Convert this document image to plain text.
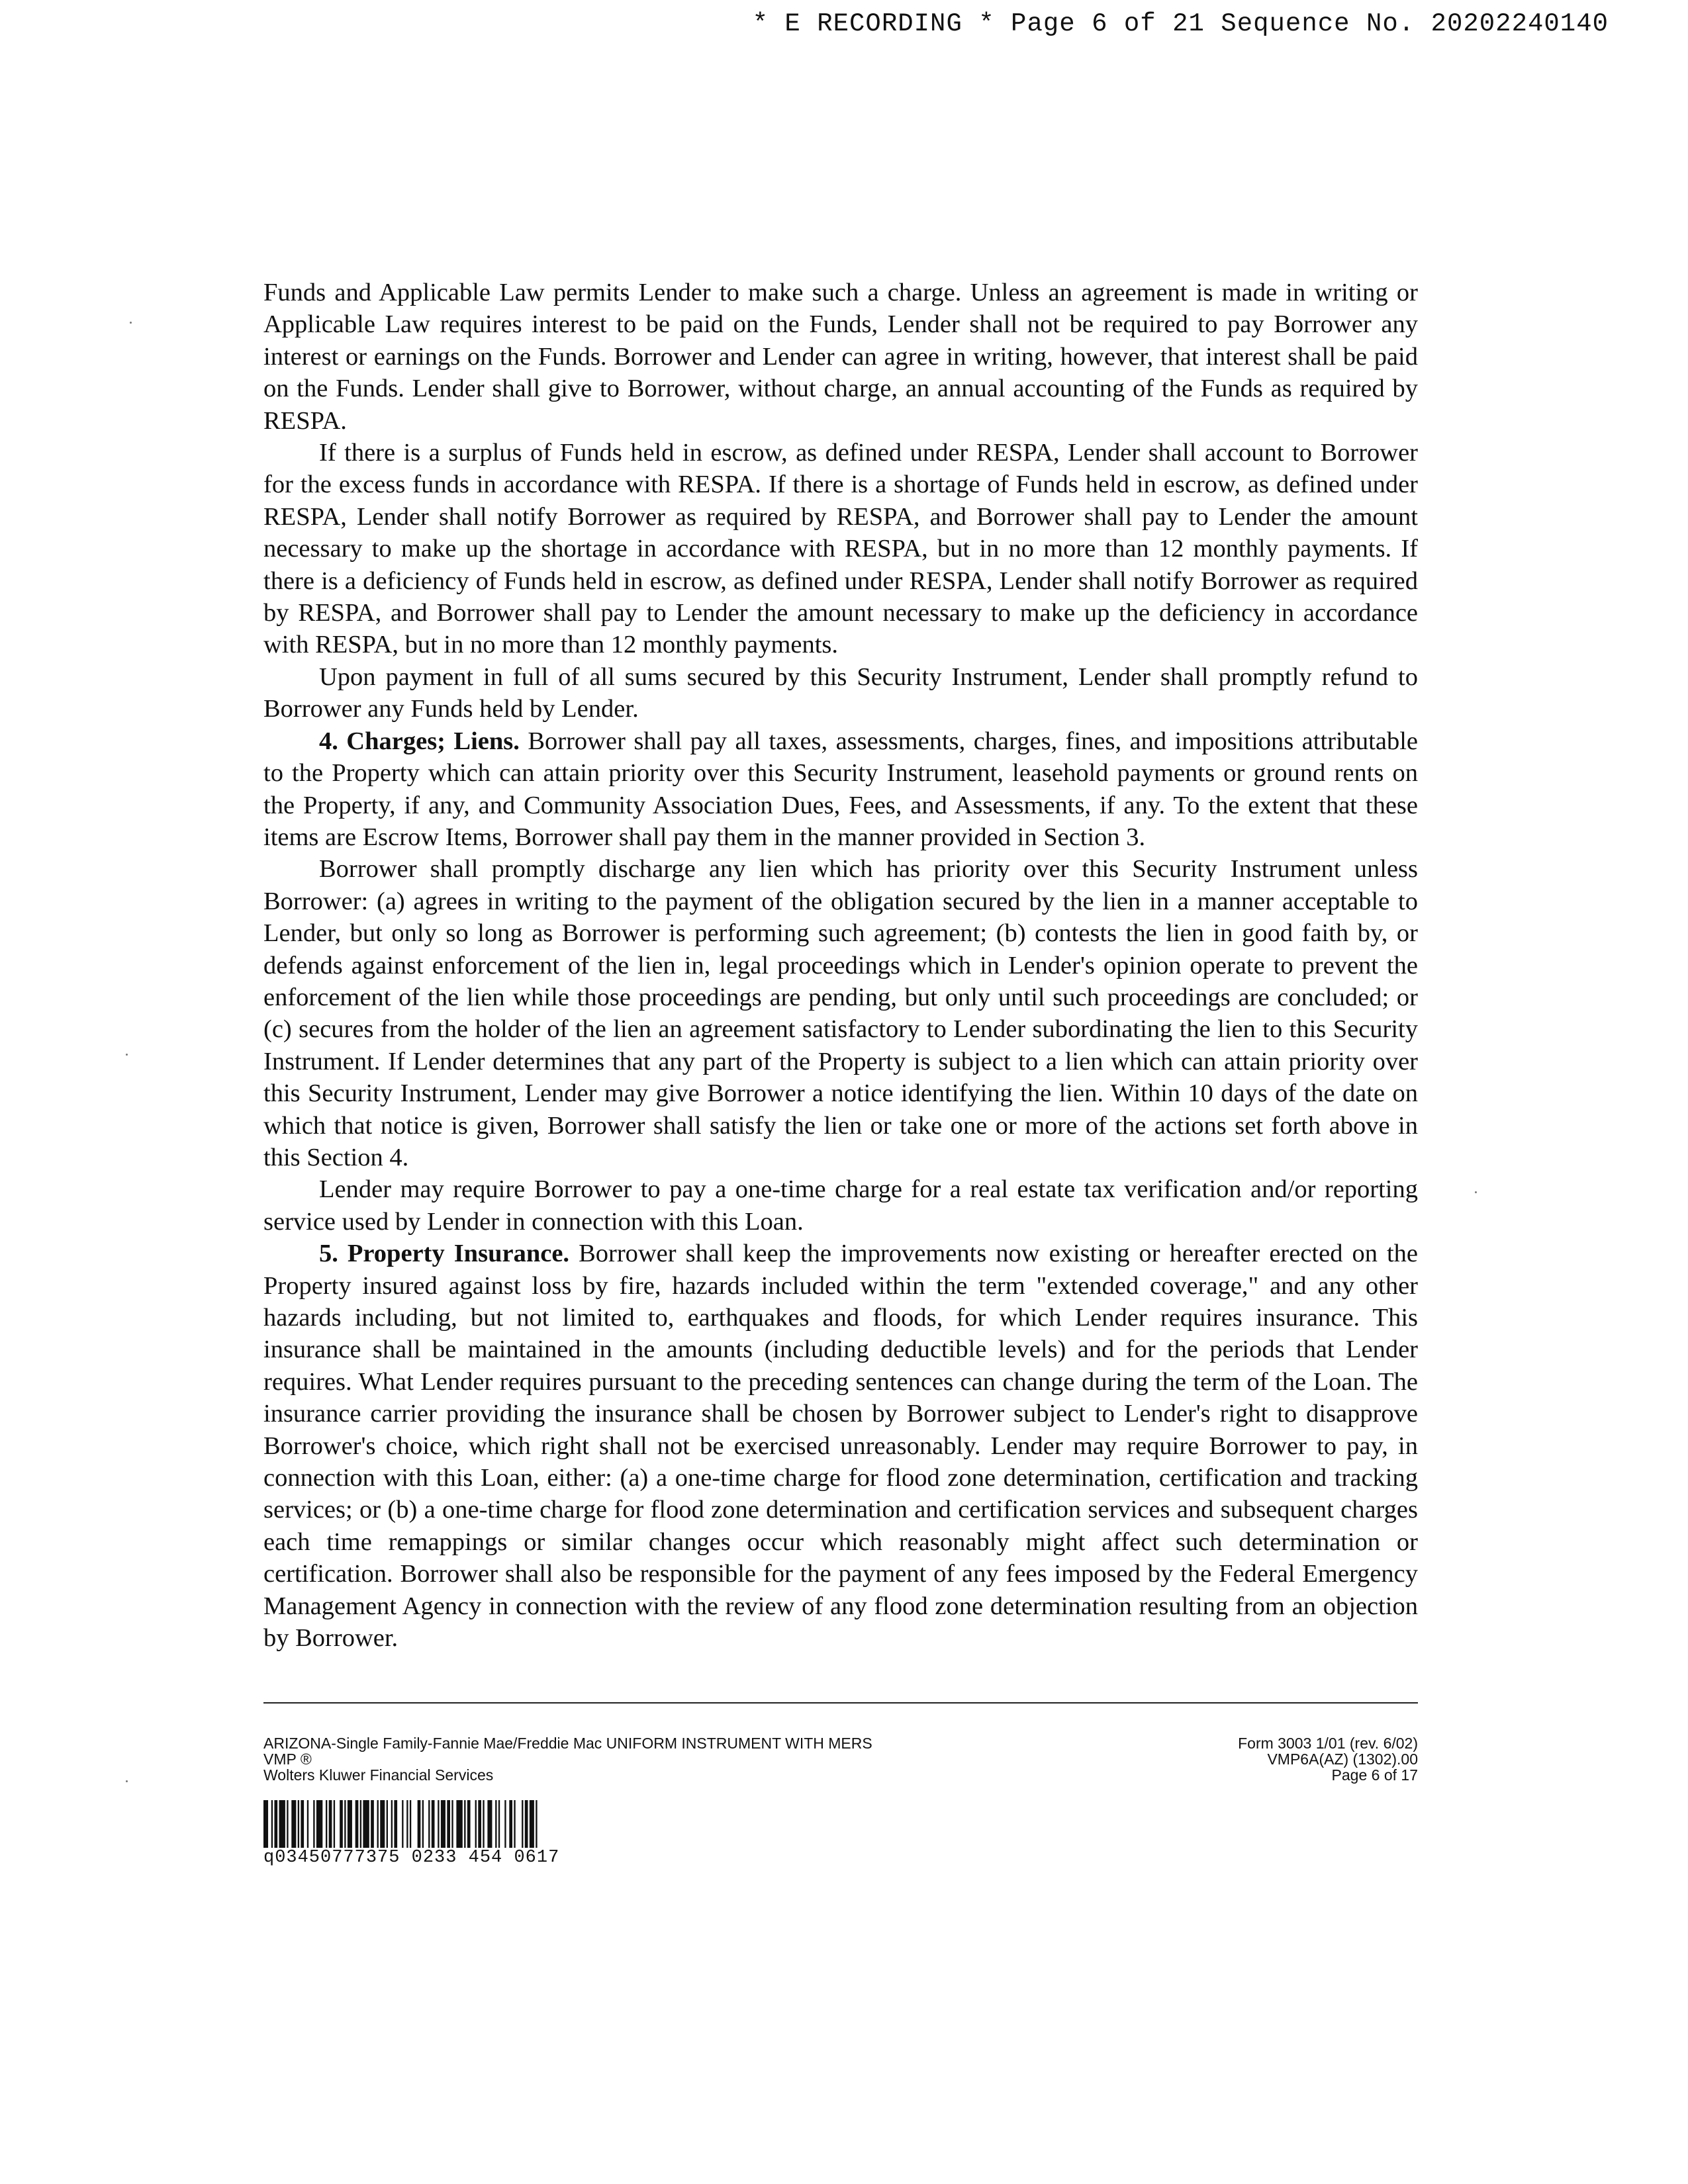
* E RECORDING * Page 6 of 21 Sequence No. 20202240140

Funds and Applicable Law permits Lender to make such a charge. Unless an agreement is made in writing or Applicable Law requires interest to be paid on the Funds, Lender shall not be required to pay Borrower any interest or earnings on the Funds. Borrower and Lender can agree in writing, however, that interest shall be paid on the Funds. Lender shall give to Borrower, without charge, an annual accounting of the Funds as required by RESPA.

If there is a surplus of Funds held in escrow, as defined under RESPA, Lender shall account to Borrower for the excess funds in accordance with RESPA. If there is a shortage of Funds held in escrow, as defined under RESPA, Lender shall notify Borrower as required by RESPA, and Borrower shall pay to Lender the amount necessary to make up the shortage in accordance with RESPA, but in no more than 12 monthly payments. If there is a deficiency of Funds held in escrow, as defined under RESPA, Lender shall notify Borrower as required by RESPA, and Borrower shall pay to Lender the amount necessary to make up the deficiency in accordance with RESPA, but in no more than 12 monthly payments.

Upon payment in full of all sums secured by this Security Instrument, Lender shall promptly refund to Borrower any Funds held by Lender.

4. Charges; Liens. Borrower shall pay all taxes, assessments, charges, fines, and impositions attributable to the Property which can attain priority over this Security Instrument, leasehold payments or ground rents on the Property, if any, and Community Association Dues, Fees, and Assessments, if any. To the extent that these items are Escrow Items, Borrower shall pay them in the manner provided in Section 3.

Borrower shall promptly discharge any lien which has priority over this Security Instrument unless Borrower: (a) agrees in writing to the payment of the obligation secured by the lien in a manner acceptable to Lender, but only so long as Borrower is performing such agreement; (b) contests the lien in good faith by, or defends against enforcement of the lien in, legal proceedings which in Lender's opinion operate to prevent the enforcement of the lien while those proceedings are pending, but only until such proceedings are concluded; or (c) secures from the holder of the lien an agreement satisfactory to Lender subordinating the lien to this Security Instrument. If Lender determines that any part of the Property is subject to a lien which can attain priority over this Security Instrument, Lender may give Borrower a notice identifying the lien. Within 10 days of the date on which that notice is given, Borrower shall satisfy the lien or take one or more of the actions set forth above in this Section 4.

Lender may require Borrower to pay a one-time charge for a real estate tax verification and/or reporting service used by Lender in connection with this Loan.

5. Property Insurance. Borrower shall keep the improvements now existing or hereafter erected on the Property insured against loss by fire, hazards included within the term "extended coverage," and any other hazards including, but not limited to, earthquakes and floods, for which Lender requires insurance. This insurance shall be maintained in the amounts (including deductible levels) and for the periods that Lender requires. What Lender requires pursuant to the preceding sentences can change during the term of the Loan. The insurance carrier providing the insurance shall be chosen by Borrower subject to Lender's right to disapprove Borrower's choice, which right shall not be exercised unreasonably. Lender may require Borrower to pay, in connection with this Loan, either: (a) a one-time charge for flood zone determination, certification and tracking services; or (b) a one-time charge for flood zone determination and certification services and subsequent charges each time remappings or similar changes occur which reasonably might affect such determination or certification. Borrower shall also be responsible for the payment of any fees imposed by the Federal Emergency Management Agency in connection with the review of any flood zone determination resulting from an objection by Borrower.

ARIZONA-Single Family-Fannie Mae/Freddie Mac UNIFORM INSTRUMENT WITH MERS
VMP ®
Wolters Kluwer Financial Services
Form 3003 1/01 (rev. 6/02)
VMP6A(AZ) (1302).00
Page 6 of 17
q03450777375 0233 454 0617
